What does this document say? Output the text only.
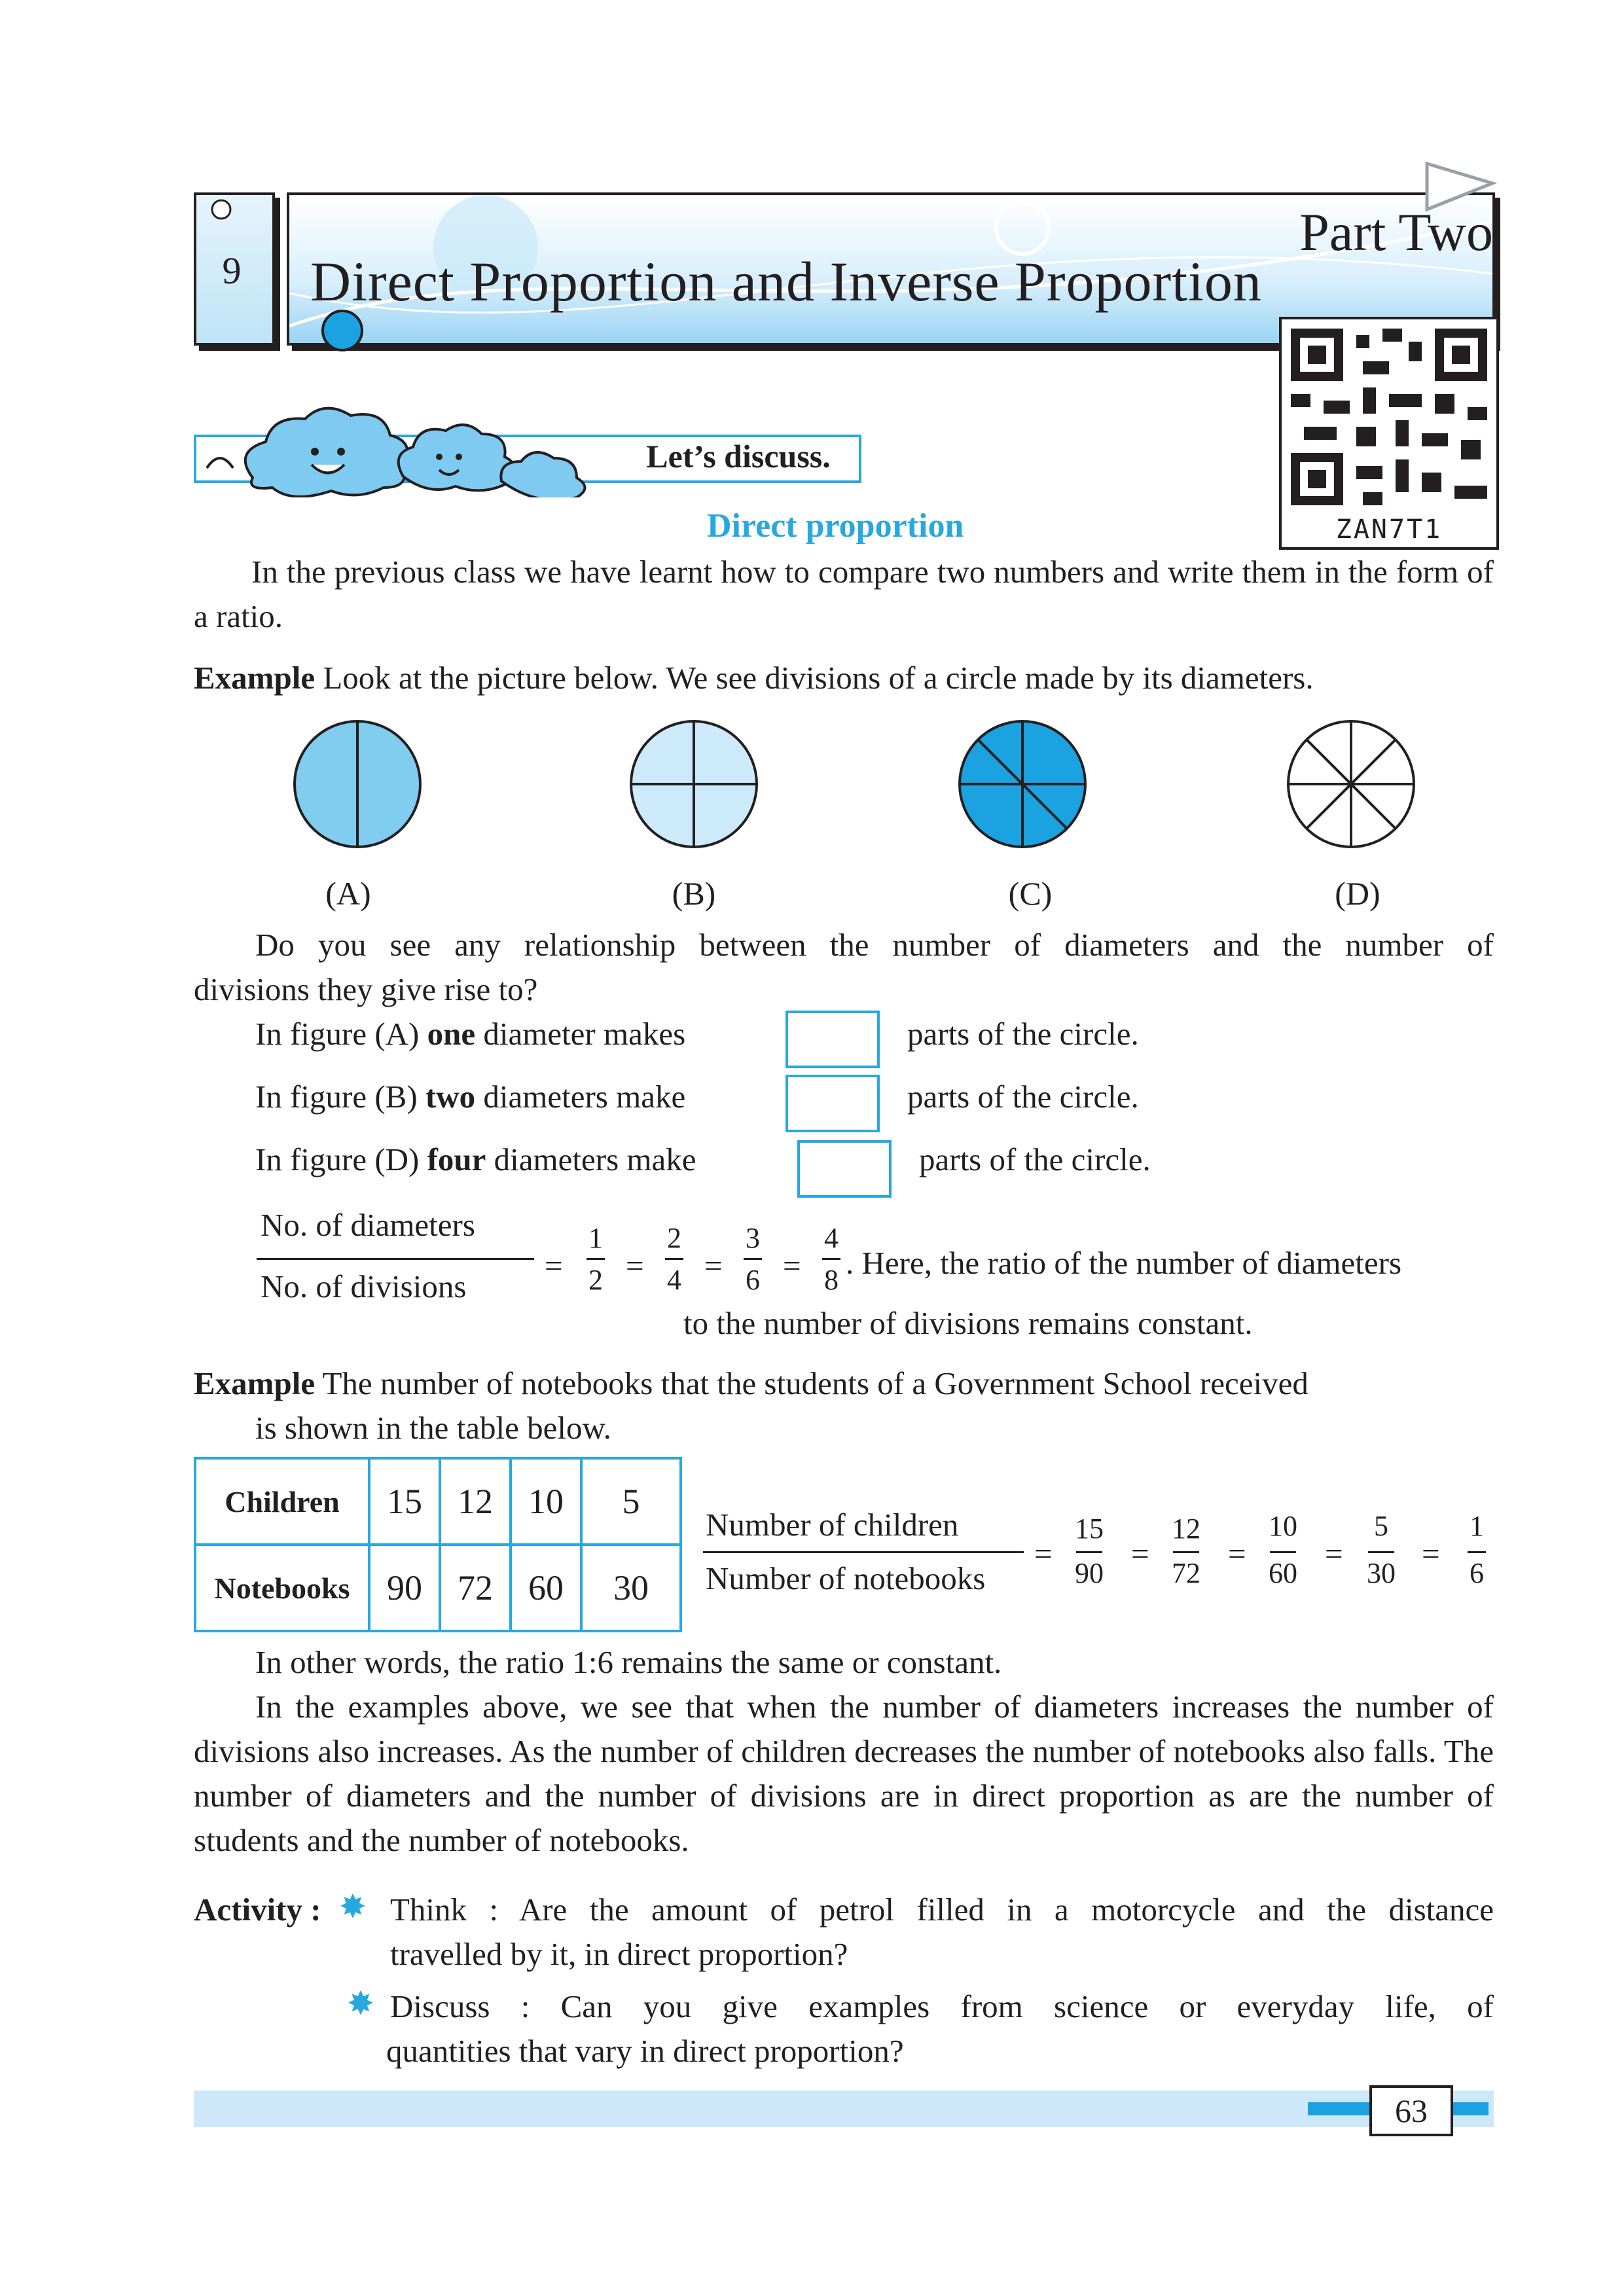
9
Part Two
Direct Proportion and Inverse Proportion
ZAN7T1
Let’s discuss.
Direct proportion
In the previous class we have learnt how to compare two numbers and write them in the form of a ratio.
Example Look at the picture below. We see divisions of a circle made by its diameters.
(A)	(B)	(C)	(D)
Do you see any relationship between the number of diameters and the number of
divisions they give rise to?
In figure (A) one diameter makes	parts of the circle.
In figure (B) two diameters make	parts of the circle.
In figure (D) four diameters make	parts of the circle.
No. of diameters
No. of divisions
=
1
2 =
2
4 =
3
6 =
4
8 . Here, the ratio of the number of diameters
to the number of divisions remains constant.
Example The number of notebooks that the students of a Government School received
is shown in the table below.
Children	15	12	10	5
Notebooks	90	72	60	30
Number of children
Number of notebooks
=
15
90
=
12
72
=
10
60
=
5
30
=
1
6
In other words, the ratio 1:6 remains the same or constant.
In the examples above, we see that when the number of diameters increases the number of divisions also increases. As the number of children decreases the number of notebooks also falls. The number of diameters and the number of divisions are in direct proportion as are the number of students and the number of notebooks.
Activity : ✸ Think : Are the amount of petrol filled in a motorcycle and the distance
travelled by it, in direct proportion?
✸ Discuss : Can you give examples from science or everyday life, of
quantities that vary in direct proportion?
63
